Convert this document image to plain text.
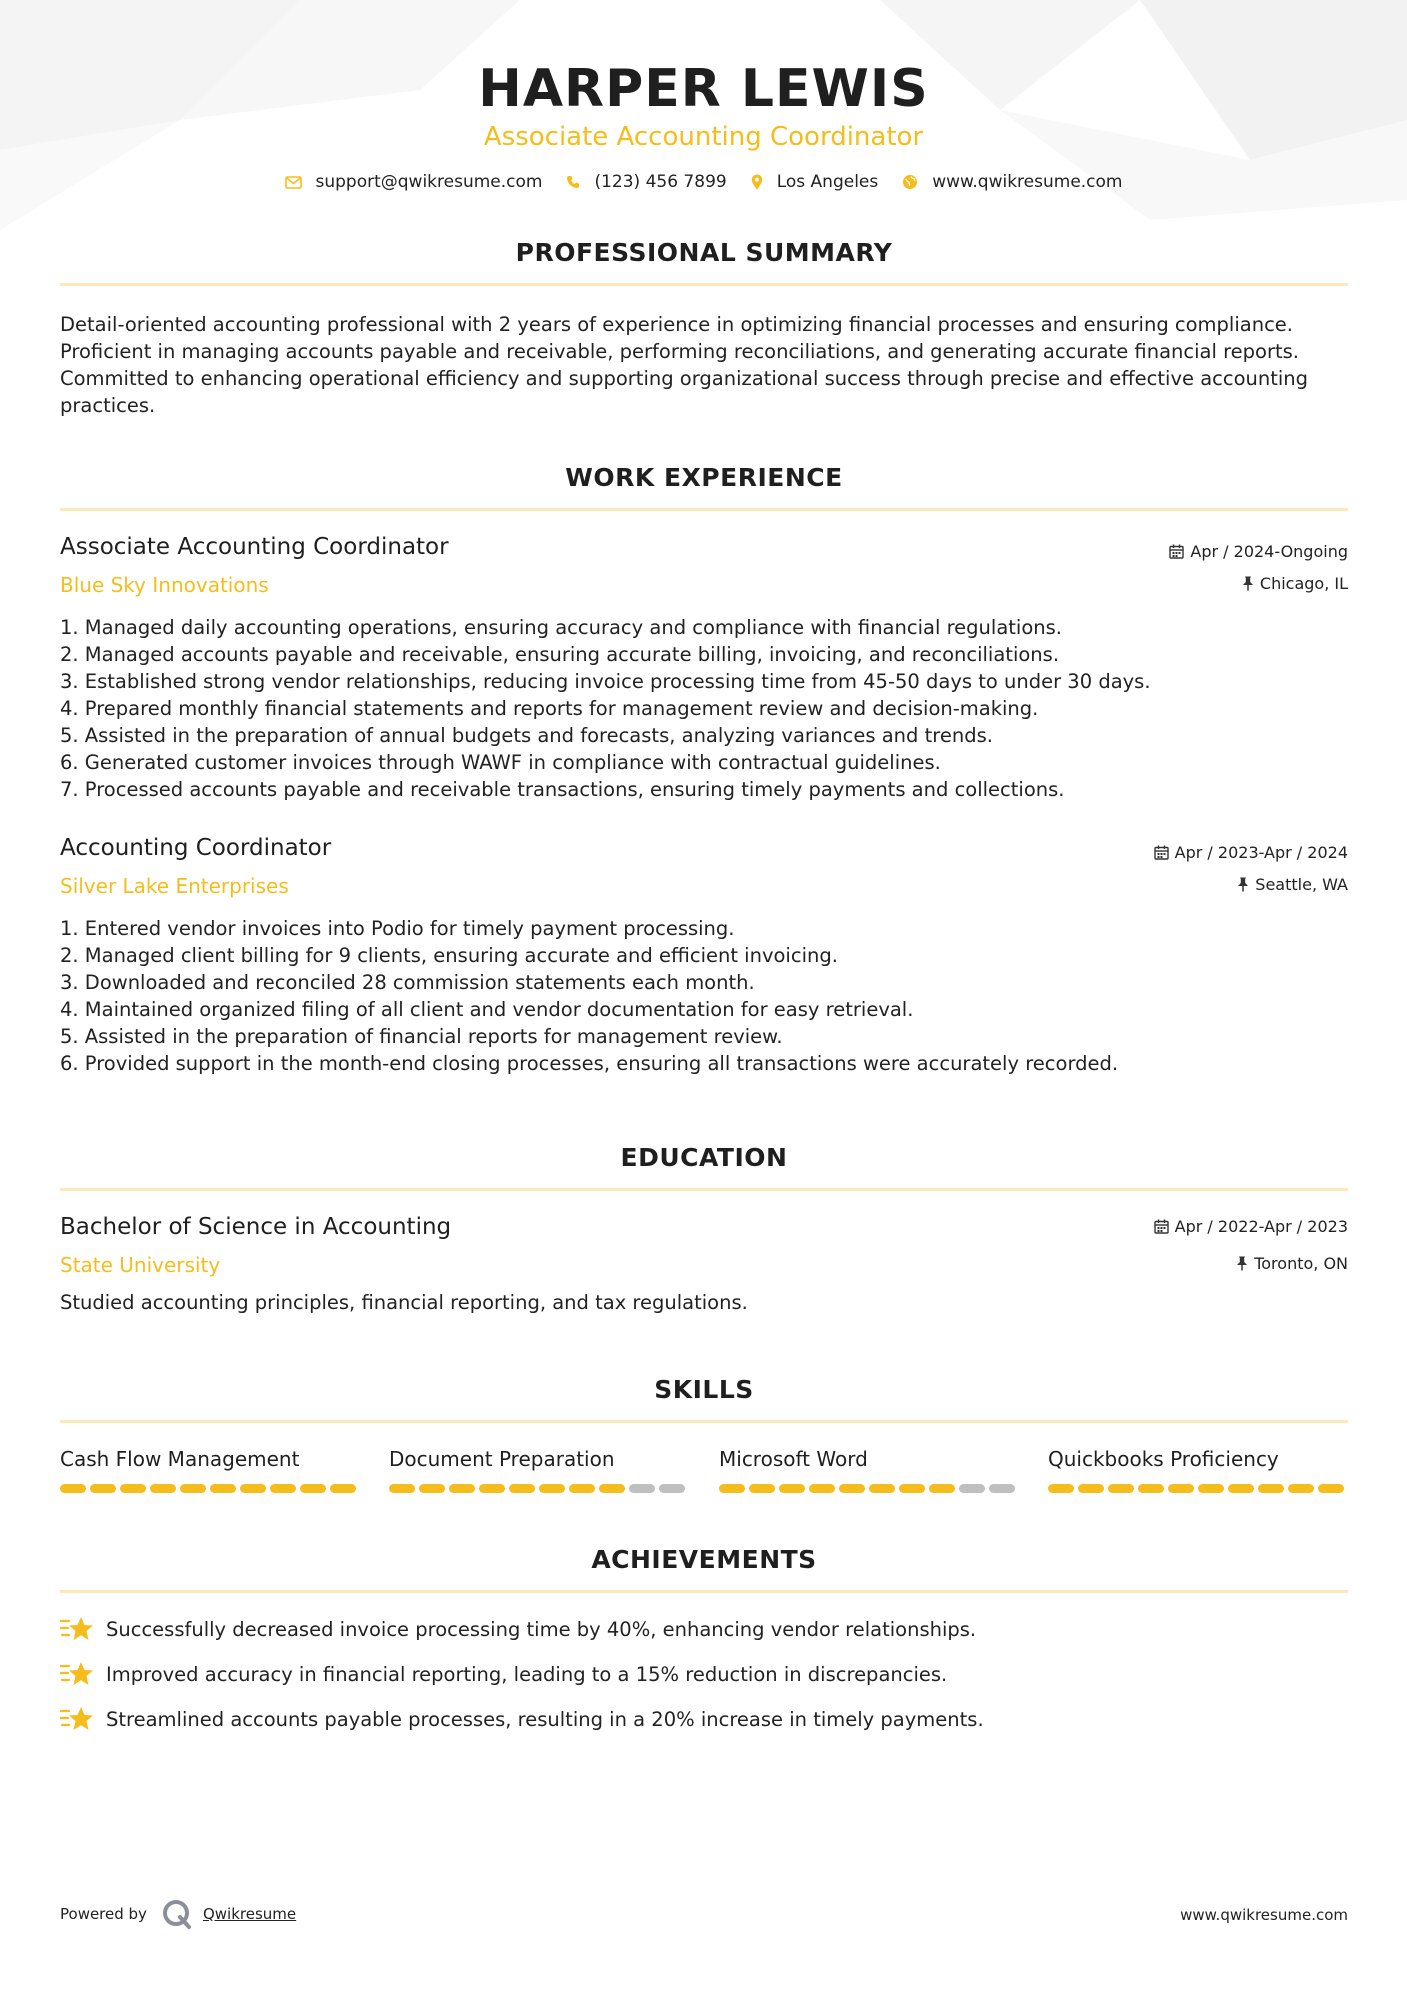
HARPER LEWIS
Associate Accounting Coordinator
support@qwikresume.com	(123) 456 7899	Los Angeles	www.qwikresume.com
PROFESSIONAL SUMMARY
Detail-oriented accounting professional with 2 years of experience in optimizing financial processes and ensuring compliance. Proficient in managing accounts payable and receivable, performing reconciliations, and generating accurate financial reports. Committed to enhancing operational efficiency and supporting organizational success through precise and effective accounting practices.
WORK EXPERIENCE
Associate Accounting Coordinator
Blue Sky Innovations
Apr / 2024-Ongoing
Chicago, IL
1. Managed daily accounting operations, ensuring accuracy and compliance with financial regulations.
2. Managed accounts payable and receivable, ensuring accurate billing, invoicing, and reconciliations.
3. Established strong vendor relationships, reducing invoice processing time from 45-50 days to under 30 days.
4. Prepared monthly financial statements and reports for management review and decision-making.
5. Assisted in the preparation of annual budgets and forecasts, analyzing variances and trends.
6. Generated customer invoices through WAWF in compliance with contractual guidelines.
7. Processed accounts payable and receivable transactions, ensuring timely payments and collections.
Accounting Coordinator
Silver Lake Enterprises
Apr / 2023-Apr / 2024
Seattle, WA
1. Entered vendor invoices into Podio for timely payment processing.
2. Managed client billing for 9 clients, ensuring accurate and efficient invoicing.
3. Downloaded and reconciled 28 commission statements each month.
4. Maintained organized filing of all client and vendor documentation for easy retrieval.
5. Assisted in the preparation of financial reports for management review.
6. Provided support in the month-end closing processes, ensuring all transactions were accurately recorded.
EDUCATION
Bachelor of Science in Accounting
State University
Apr / 2022-Apr / 2023
Toronto, ON
Studied accounting principles, financial reporting, and tax regulations.
SKILLS
Cash Flow Management	Document Preparation	Microsoft Word	Quickbooks Proficiency
ACHIEVEMENTS
Successfully decreased invoice processing time by 40%, enhancing vendor relationships.
Improved accuracy in financial reporting, leading to a 15% reduction in discrepancies.
Streamlined accounts payable processes, resulting in a 20% increase in timely payments.
Powered by	Qwikresume	www.qwikresume.com
